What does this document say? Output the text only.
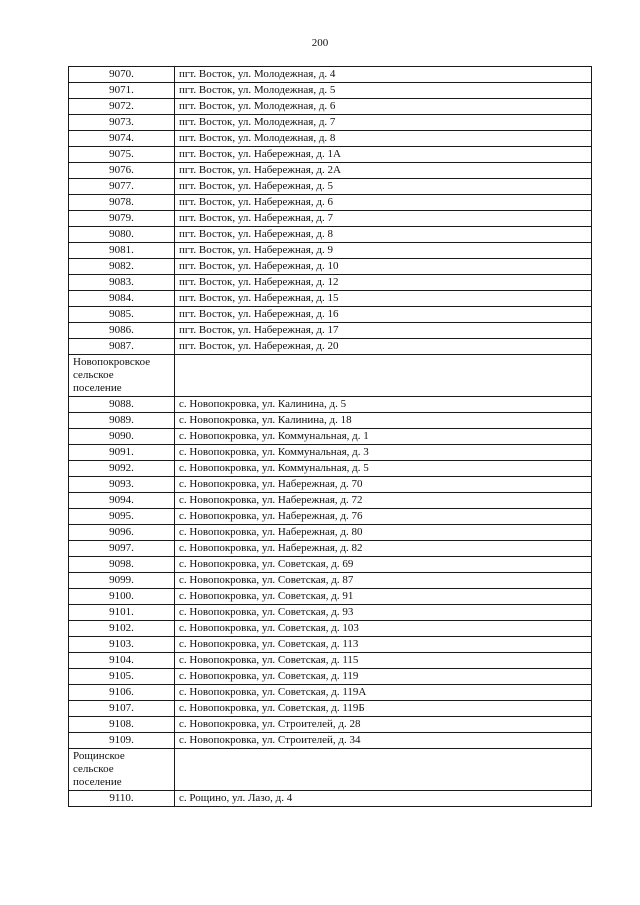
200
9070.	пгт. Восток, ул. Молодежная, д. 4
9071.	пгт. Восток, ул. Молодежная, д. 5
9072.	пгт. Восток, ул. Молодежная, д. 6
9073.	пгт. Восток, ул. Молодежная, д. 7
9074.	пгт. Восток, ул. Молодежная, д. 8
9075.	пгт. Восток, ул. Набережная, д. 1А
9076.	пгт. Восток, ул. Набережная, д. 2А
9077.	пгт. Восток, ул. Набережная, д. 5
9078.	пгт. Восток, ул. Набережная, д. 6
9079.	пгт. Восток, ул. Набережная, д. 7
9080.	пгт. Восток, ул. Набережная, д. 8
9081.	пгт. Восток, ул. Набережная, д. 9
9082.	пгт. Восток, ул. Набережная, д. 10
9083.	пгт. Восток, ул. Набережная, д. 12
9084.	пгт. Восток, ул. Набережная, д. 15
9085.	пгт. Восток, ул. Набережная, д. 16
9086.	пгт. Восток, ул. Набережная, д. 17
9087.	пгт. Восток, ул. Набережная, д. 20

Новопокровское
сельское
поселение	

9088.	с. Новопокровка, ул. Калинина, д. 5
9089.	с. Новопокровка, ул. Калинина, д. 18
9090.	с. Новопокровка, ул. Коммунальная, д. 1
9091.	с. Новопокровка, ул. Коммунальная, д. 3
9092.	с. Новопокровка, ул. Коммунальная, д. 5
9093.	с. Новопокровка, ул. Набережная, д. 70
9094.	с. Новопокровка, ул. Набережная, д. 72
9095.	с. Новопокровка, ул. Набережная, д. 76
9096.	с. Новопокровка, ул. Набережная, д. 80
9097.	с. Новопокровка, ул. Набережная, д. 82
9098.	с. Новопокровка, ул. Советская, д. 69
9099.	с. Новопокровка, ул. Советская, д. 87
9100.	с. Новопокровка, ул. Советская, д. 91
9101.	с. Новопокровка, ул. Советская, д. 93
9102.	с. Новопокровка, ул. Советская, д. 103
9103.	с. Новопокровка, ул. Советская, д. 113
9104.	с. Новопокровка, ул. Советская, д. 115
9105.	с. Новопокровка, ул. Советская, д. 119
9106.	с. Новопокровка, ул. Советская, д. 119А
9107.	с. Новопокровка, ул. Советская, д. 119Б
9108.	с. Новопокровка, ул. Строителей, д. 28
9109.	с. Новопокровка, ул. Строителей, д. 34

Рощинское
сельское
поселение	

9110.	с. Рощино, ул. Лазо, д. 4
